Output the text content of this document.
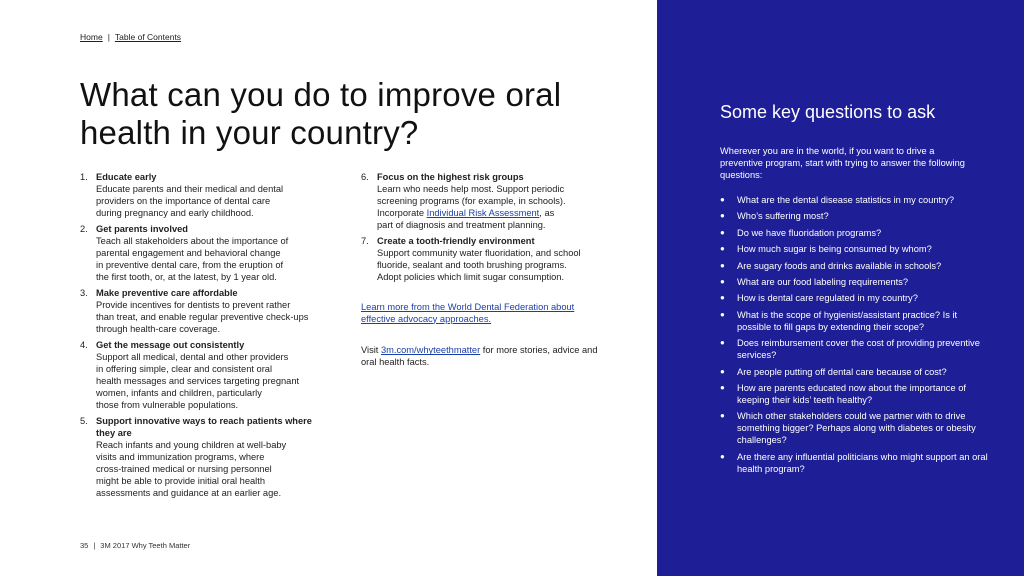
Home | Table of Contents
What can you do to improve oral
health in your country?
1. Educate early
Educate parents and their medical and dental
providers on the importance of dental care
during pregnancy and early childhood.
2. Get parents involved
Teach all stakeholders about the importance of
parental engagement and behavioral change
in preventive dental care, from the eruption of
the first tooth, or, at the latest, by 1 year old.
3. Make preventive care affordable
Provide incentives for dentists to prevent rather
than treat, and enable regular preventive check-ups
through health-care coverage.
4. Get the message out consistently
Support all medical, dental and other providers
in offering simple, clear and consistent oral
health messages and services targeting pregnant
women, infants and children, particularly
those from vulnerable populations.
5. Support innovative ways to reach patients where they are
Reach infants and young children at well-baby
visits and immunization programs, where
cross-trained medical or nursing personnel
might be able to provide initial oral health
assessments and guidance at an earlier age.
6. Focus on the highest risk groups
Learn who needs help most. Support periodic
screening programs (for example, in schools).
Incorporate Individual Risk Assessment, as
part of diagnosis and treatment planning.
7. Create a tooth-friendly environment
Support community water fluoridation, and school
fluoride, sealant and tooth brushing programs.
Adopt policies which limit sugar consumption.
Learn more from the World Dental Federation about effective advocacy approaches.

Visit 3m.com/whyteethmatter for more stories, advice and oral health facts.

35 | 3M 2017 Why Teeth Matter
Some key questions to ask

Wherever you are in the world, if you want to drive a preventive program, start with trying to answer the following questions:

●	What are the dental disease statistics in my country?
●	Who’s suffering most?
●	Do we have fluoridation programs?
●	How much sugar is being consumed by whom?
●	Are sugary foods and drinks available in schools?
●	What are our food labeling requirements?
●	How is dental care regulated in my country?
●	What is the scope of hygienist/assistant practice? Is it possible to fill gaps by extending their scope?
●	Does reimbursement cover the cost of providing preventive services?
●	Are people putting off dental care because of cost?
●	How are parents educated now about the importance of keeping their kids’ teeth healthy?
●	Which other stakeholders could we partner with to drive something bigger? Perhaps along with diabetes or obesity challenges?
●	Are there any influential politicians who might support an oral health program?
